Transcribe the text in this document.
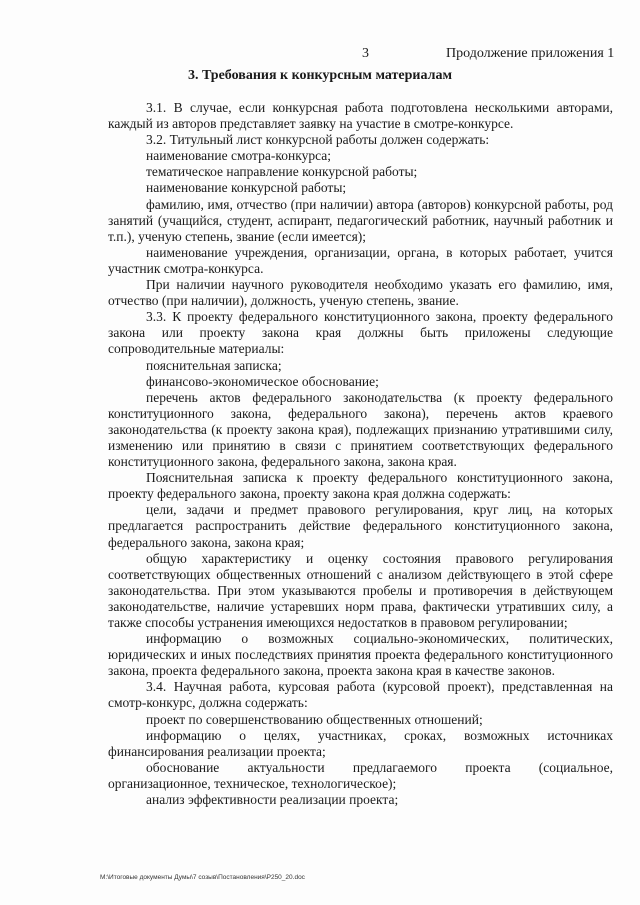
3	Продолжение приложения 1
3. Требования к конкурсным материалам

3.1. В случае, если конкурсная работа подготовлена несколькими авторами, каждый из авторов представляет заявку на участие в смотре-конкурсе.

3.2. Титульный лист конкурсной работы должен содержать:

наименование смотра-конкурса;

тематическое направление конкурсной работы;

наименование конкурсной работы;

фамилию, имя, отчество (при наличии) автора (авторов) конкурсной работы, род занятий (учащийся, студент, аспирант, педагогический работник, научный работник и т.п.), ученую степень, звание (если имеется);

наименование учреждения, организации, органа, в которых работает, учится участник смотра-конкурса.

При наличии научного руководителя необходимо указать его фамилию, имя, отчество (при наличии), должность, ученую степень, звание.

3.3. К проекту федерального конституционного закона, проекту федерального закона или проекту закона края должны быть приложены следующие сопроводительные материалы:

пояснительная записка;

финансово-экономическое обоснование;

перечень актов федерального законодательства (к проекту федерального конституционного закона, федерального закона), перечень актов краевого законодательства (к проекту закона края), подлежащих признанию утратившими силу, изменению или принятию в связи с принятием соответствующих федерального конституционного закона, федерального закона, закона края.

Пояснительная записка к проекту федерального конституционного закона, проекту федерального закона, проекту закона края должна содержать:

цели, задачи и предмет правового регулирования, круг лиц, на которых предлагается распространить действие федерального конституционного закона, федерального закона, закона края;

общую характеристику и оценку состояния правового регулирования соответствующих общественных отношений с анализом действующего в этой сфере законодательства. При этом указываются пробелы и противоречия в действующем законодательстве, наличие устаревших норм права, фактически утративших силу, а также способы устранения имеющихся недостатков в правовом регулировании;

информацию о возможных социально-экономических, политических, юридических и иных последствиях принятия проекта федерального конституционного закона, проекта федерального закона, проекта закона края в качестве законов.

3.4. Научная работа, курсовая работа (курсовой проект), представленная на смотр-конкурс, должна содержать:

проект по совершенствованию общественных отношений;

информацию о целях, участниках, сроках, возможных источниках финансирования реализации проекта;

обоснование актуальности предлагаемого проекта (социальное, организационное, техническое, технологическое);

анализ эффективности реализации проекта;

М:\Итоговые документы Думы\7 созыв\Постановления\Р250_20.doc
